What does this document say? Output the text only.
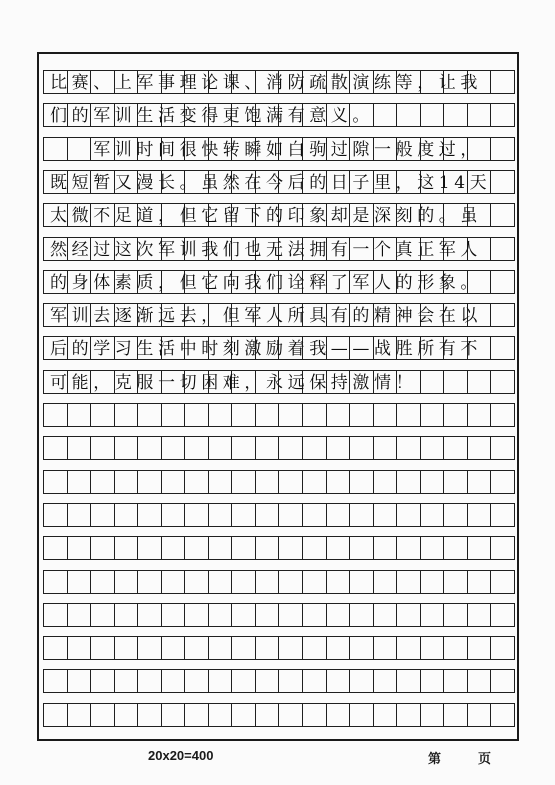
比赛、上军事理论课、消防疏散演练等，让我
们的军训生活变得更饱满有意义。
　　军训时间很快转瞬如白驹过隙一般度过，
既短暂又漫长。虽然在今后的日子里，这14天
太微不足道，但它留下的印象却是深刻的。虽
然经过这次军训我们也无法拥有一个真正军人
的身体素质，但它向我们诠释了军人的形象。
军训去逐渐远去，但军人所具有的精神会在以
后的学习生活中时刻激励着我——战胜所有不
可能，克服一切困难，永远保持激情！
20x20=400	第	页
